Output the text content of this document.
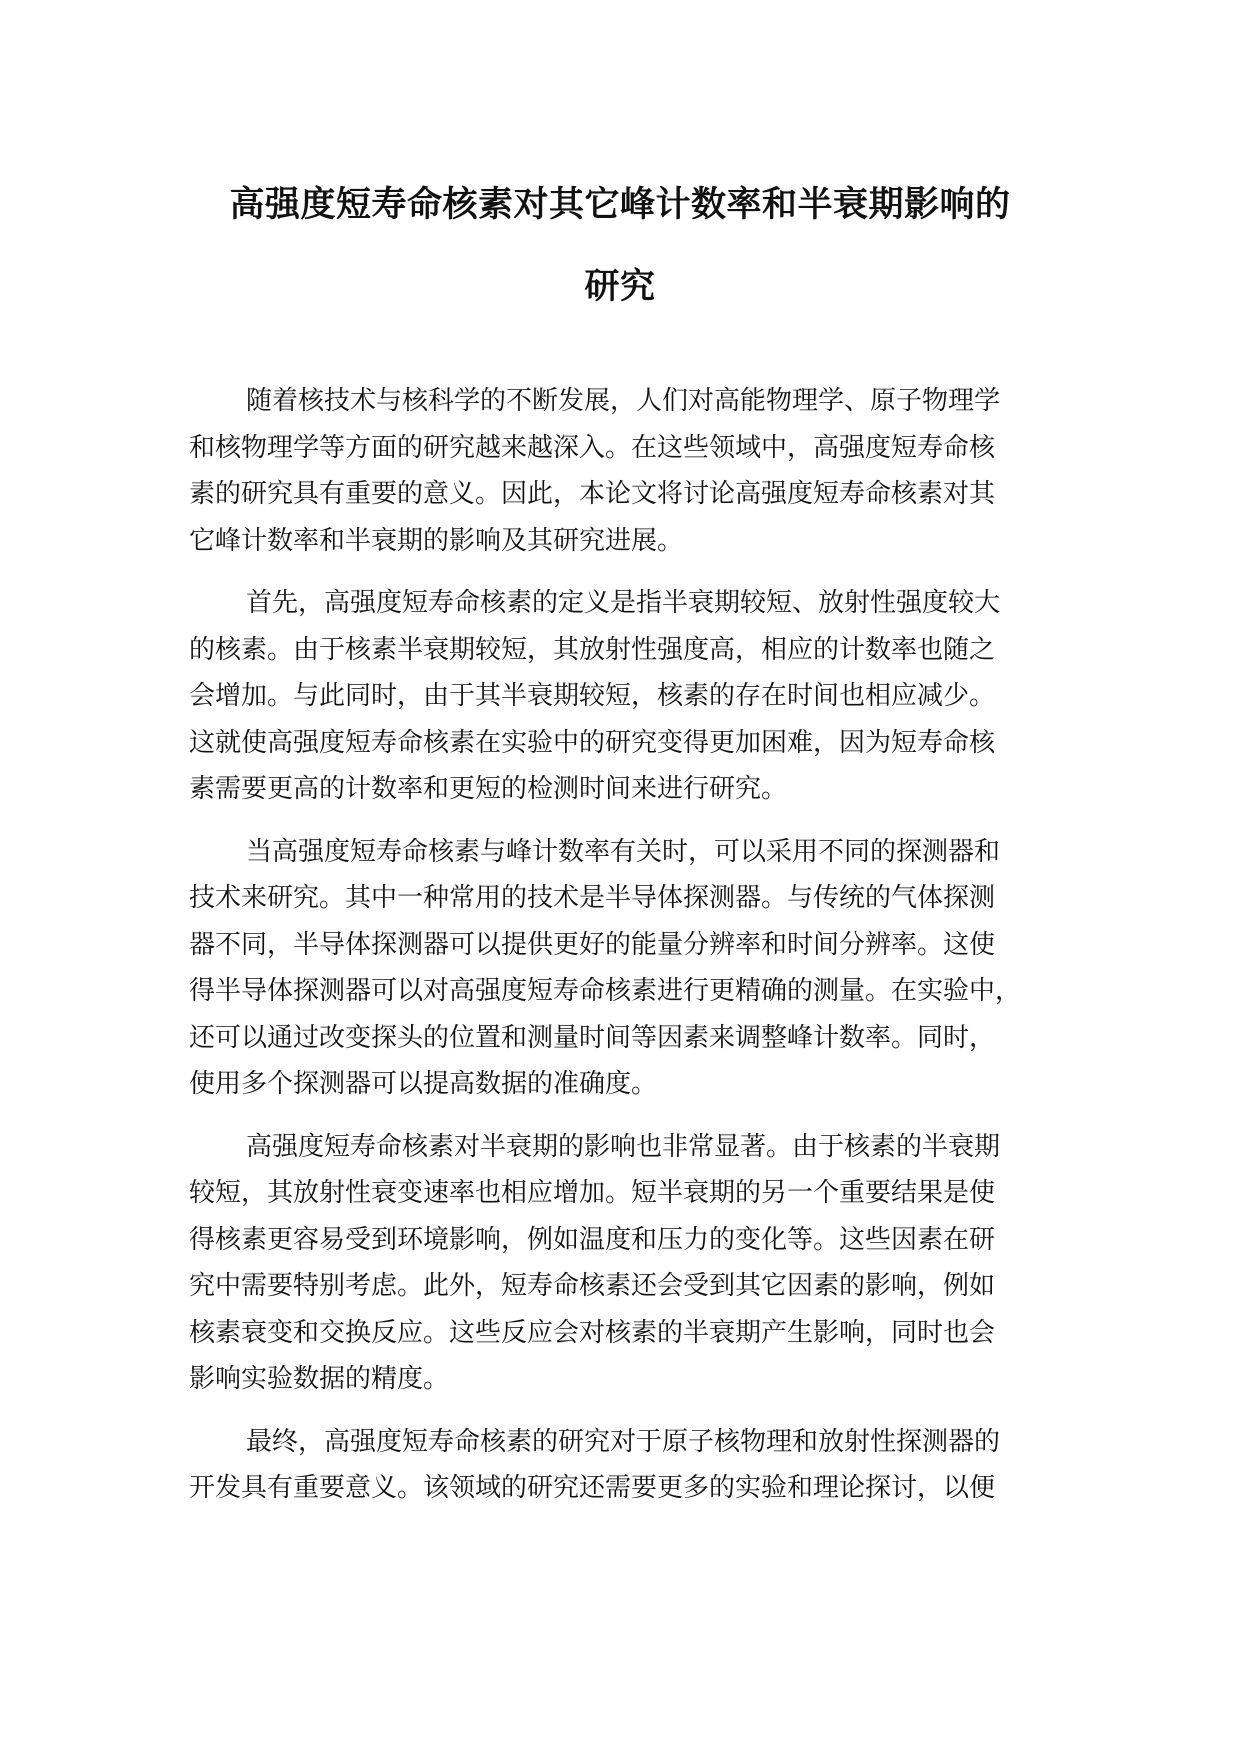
高强度短寿命核素对其它峰计数率和半衰期影响的
研究

随着核技术与核科学的不断发展，人们对高能物理学、原子物理学
和核物理学等方面的研究越来越深入。在这些领域中，高强度短寿命核
素的研究具有重要的意义。因此，本论文将讨论高强度短寿命核素对其
它峰计数率和半衰期的影响及其研究进展。

首先，高强度短寿命核素的定义是指半衰期较短、放射性强度较大
的核素。由于核素半衰期较短，其放射性强度高，相应的计数率也随之
会增加。与此同时，由于其半衰期较短，核素的存在时间也相应减少。
这就使高强度短寿命核素在实验中的研究变得更加困难，因为短寿命核
素需要更高的计数率和更短的检测时间来进行研究。

当高强度短寿命核素与峰计数率有关时，可以采用不同的探测器和
技术来研究。其中一种常用的技术是半导体探测器。与传统的气体探测
器不同，半导体探测器可以提供更好的能量分辨率和时间分辨率。这使
得半导体探测器可以对高强度短寿命核素进行更精确的测量。在实验中，
还可以通过改变探头的位置和测量时间等因素来调整峰计数率。同时，
使用多个探测器可以提高数据的准确度。

高强度短寿命核素对半衰期的影响也非常显著。由于核素的半衰期
较短，其放射性衰变速率也相应增加。短半衰期的另一个重要结果是使
得核素更容易受到环境影响，例如温度和压力的变化等。这些因素在研
究中需要特别考虑。此外，短寿命核素还会受到其它因素的影响，例如
核素衰变和交换反应。这些反应会对核素的半衰期产生影响，同时也会
影响实验数据的精度。

最终，高强度短寿命核素的研究对于原子核物理和放射性探测器的
开发具有重要意义。该领域的研究还需要更多的实验和理论探讨，以便
